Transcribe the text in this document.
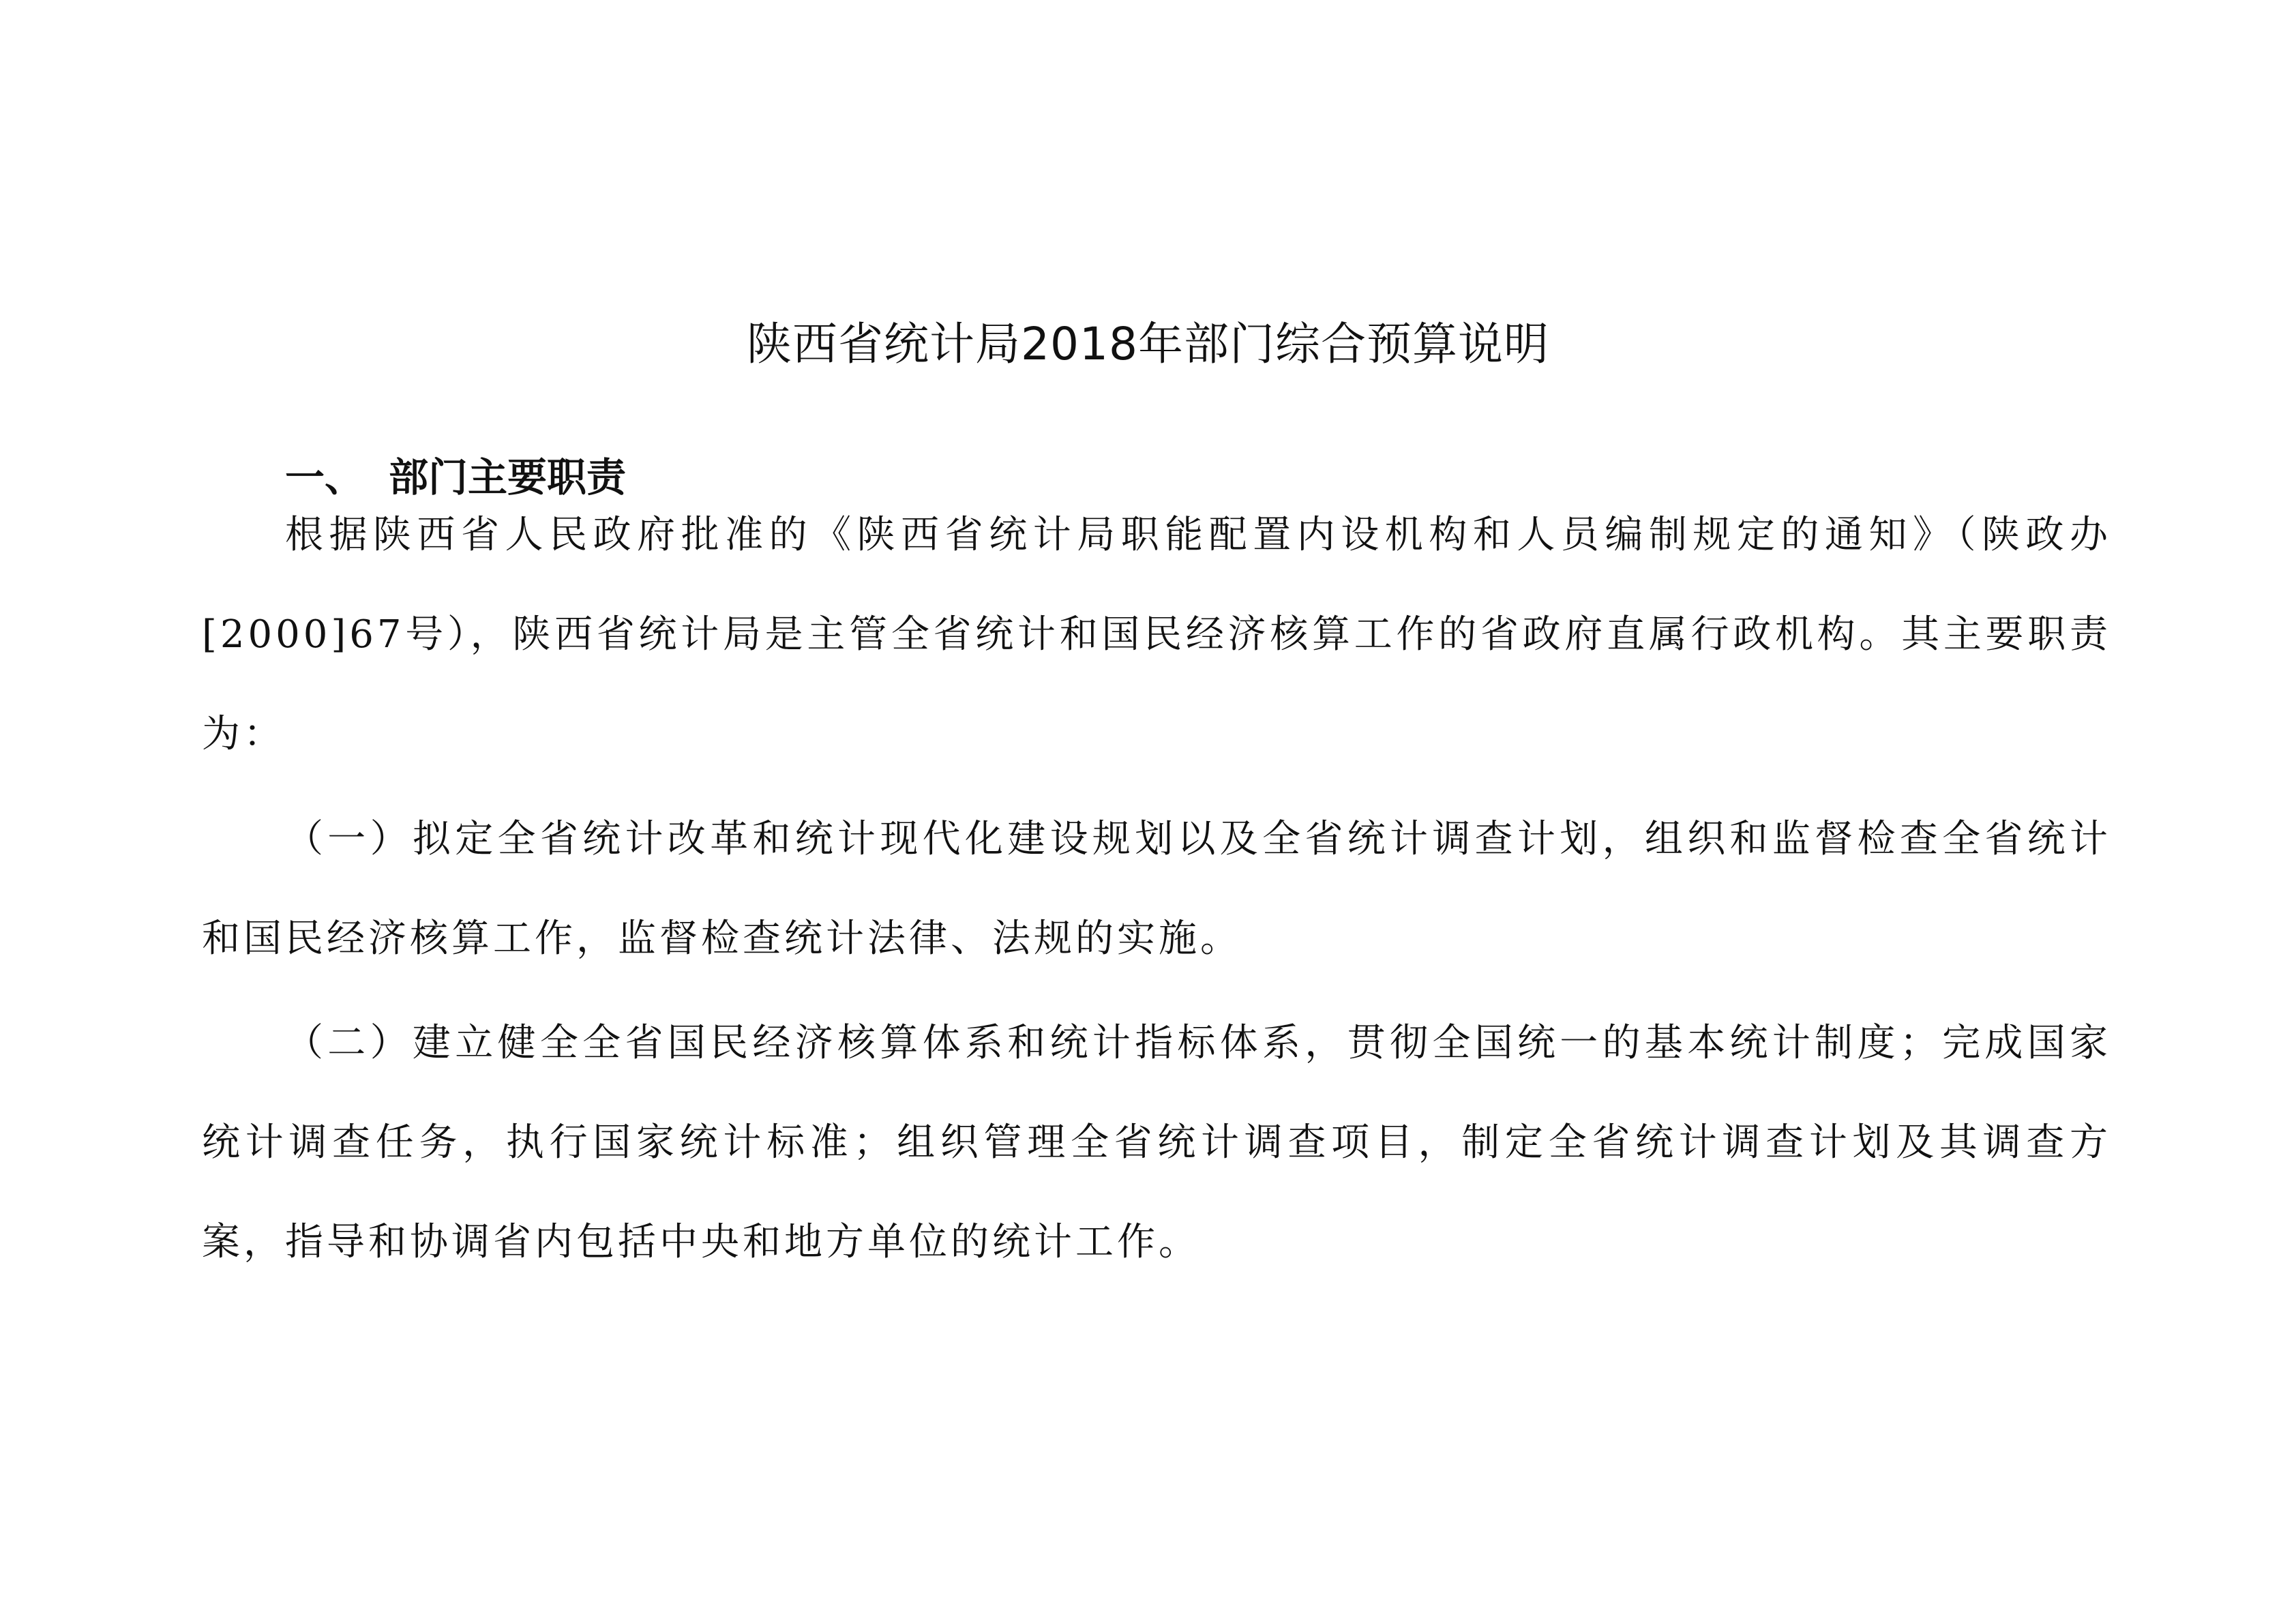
陕西省统计局2018年部门综合预算说明
一、 部门主要职责

根据陕西省人民政府批准的《陕西省统计局职能配置内设机构和人员编制规定的通知》（陕政办[2000]67号），陕西省统计局是主管全省统计和国民经济核算工作的省政府直属行政机构。其主要职责为：

（一）拟定全省统计改革和统计现代化建设规划以及全省统计调查计划，组织和监督检查全省统计和国民经济核算工作，监督检查统计法律、法规的实施。

（二）建立健全全省国民经济核算体系和统计指标体系，贯彻全国统一的基本统计制度；完成国家统计调查任务，执行国家统计标准；组织管理全省统计调查项目，制定全省统计调查计划及其调查方案，指导和协调省内包括中央和地方单位的统计工作。
